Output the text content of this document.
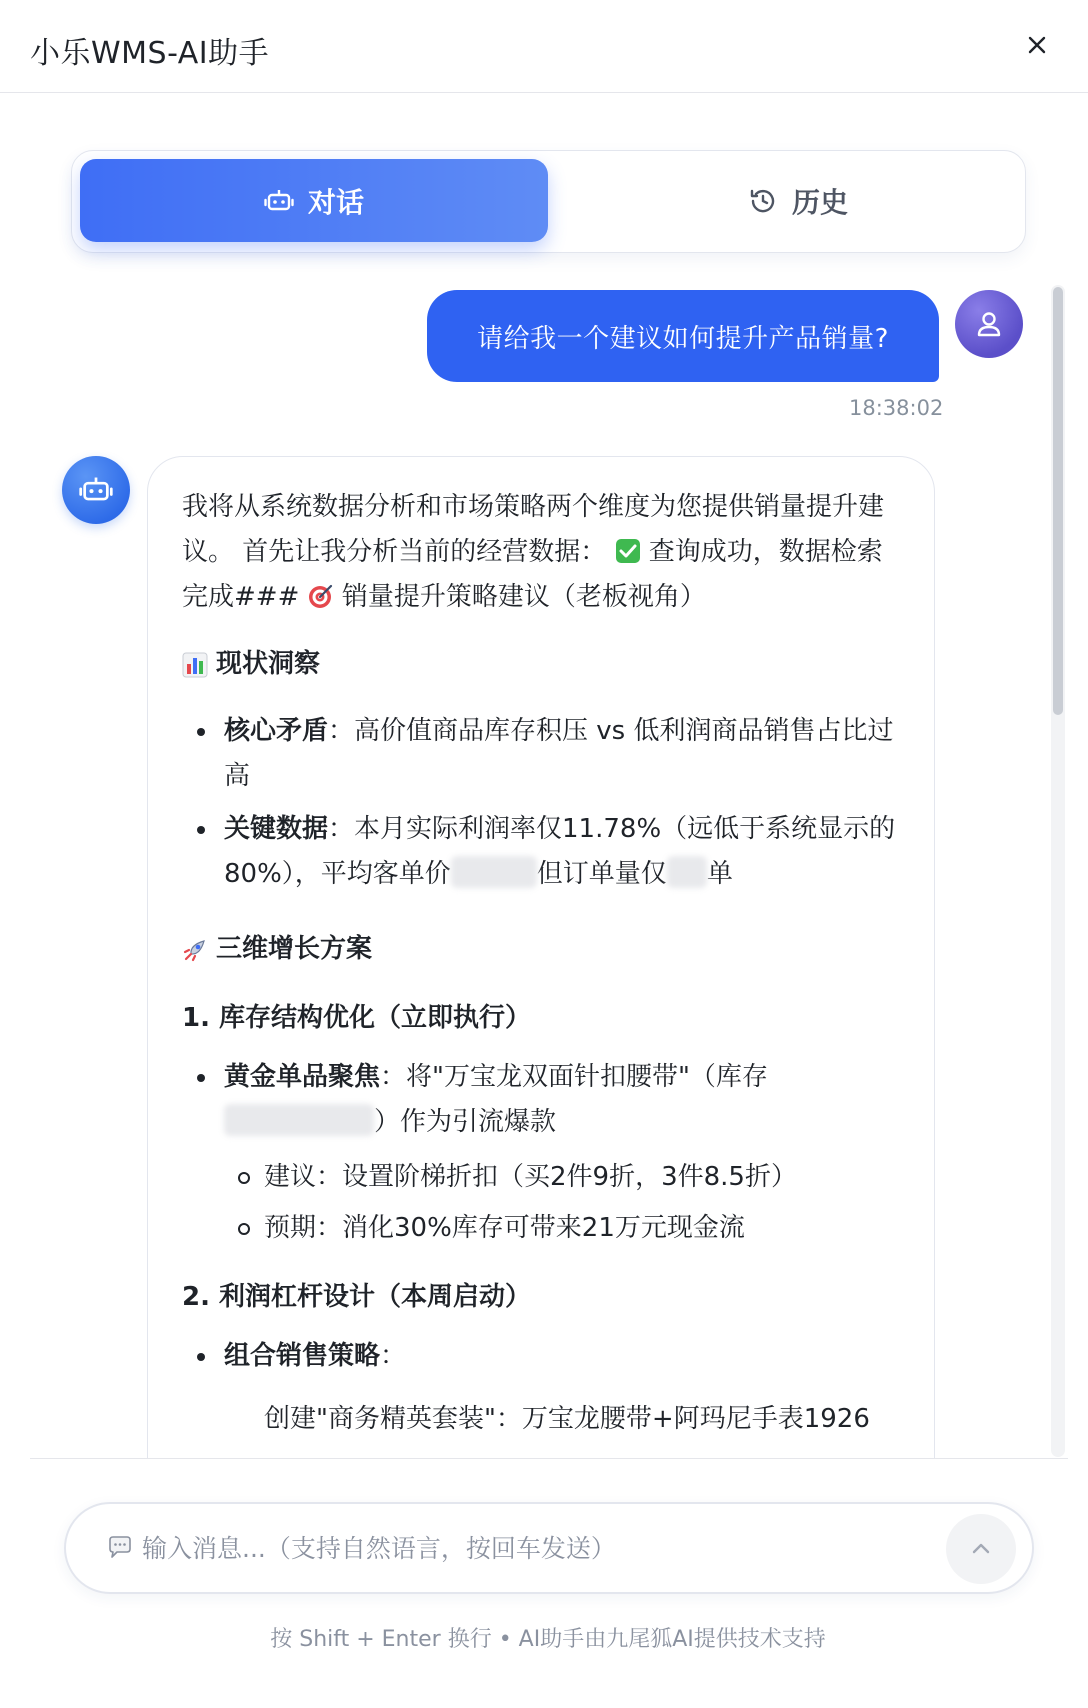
小乐WMS-AI助手
对话	历史
请给我一个建议如何提升产品销量?
18:38:02
我将从系统数据分析和市场策略两个维度为您提供销量提升建议。 首先让我分析当前的经营数据：  查询成功，数据检索完成###  销量提升策略建议（老板视角）
现状洞察
核心矛盾：高价值商品库存积压 vs 低利润商品销售占比过高
关键数据：本月实际利润率仅11.78%（远低于系统显示的80%），平均客单价	但订单量仅 单
三维增长方案
1. 库存结构优化（立即执行）
黄金单品聚焦：将"万宝龙双面针扣腰带"（库存）作为引流爆款
建议：设置阶梯折扣（买2件9折，3件8.5折）
预期：消化30%库存可带来21万元现金流
2. 利润杠杆设计（本周启动）
组合销售策略：
创建"商务精英套装"：万宝龙腰带+阿玛尼手表1926
输入消息...（支持自然语言，按回车发送）
按 Shift + Enter 换行 • AI助手由九尾狐AI提供技术支持
